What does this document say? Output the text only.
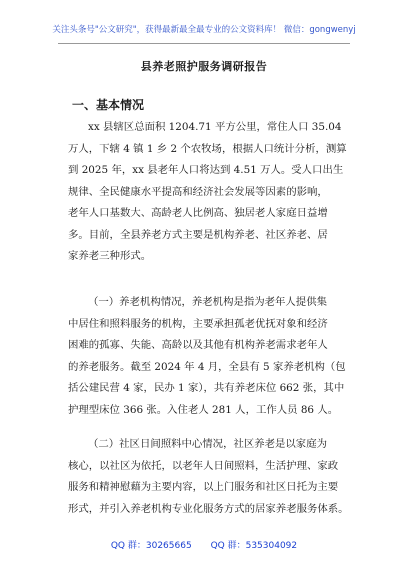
关注头条号"公文研究"，获得最新最全最专业的公文资料库！ 微信：gongwenyj
县养老照护服务调研报告
一、基本情况
xx 县辖区总面积 1204.71 平方公里，常住人口 35.04
万人，下辖 4 镇 1 乡 2 个农牧场，根据人口统计分析，测算
到 2025 年，xx 县老年人口将达到 4.51 万人。受人口出生
规律、全民健康水平提高和经济社会发展等因素的影响，
老年人口基数大、高龄老人比例高、独居老人家庭日益增
多。目前，全县养老方式主要是机构养老、社区养老、居
家养老三种形式。
（一）养老机构情况，养老机构是指为老年人提供集
中居住和照料服务的机构，主要承担孤老优抚对象和经济
困难的孤寡、失能、高龄以及其他有机构养老需求老年人
的养老服务。截至 2024 年 4 月，全县有 5 家养老机构（包
括公建民营 4 家，民办 1 家），共有养老床位 662 张，其中
护理型床位 366 张。入住老人 281 人，工作人员 86 人。
（二）社区日间照料中心情况，社区养老是以家庭为
核心，以社区为依托，以老年人日间照料，生活护理、家政
服务和精神慰藉为主要内容，以上门服务和社区日托为主要
形式，并引入养老机构专业化服务方式的居家养老服务体系。
QQ 群：30265665 QQ 群：535304092
